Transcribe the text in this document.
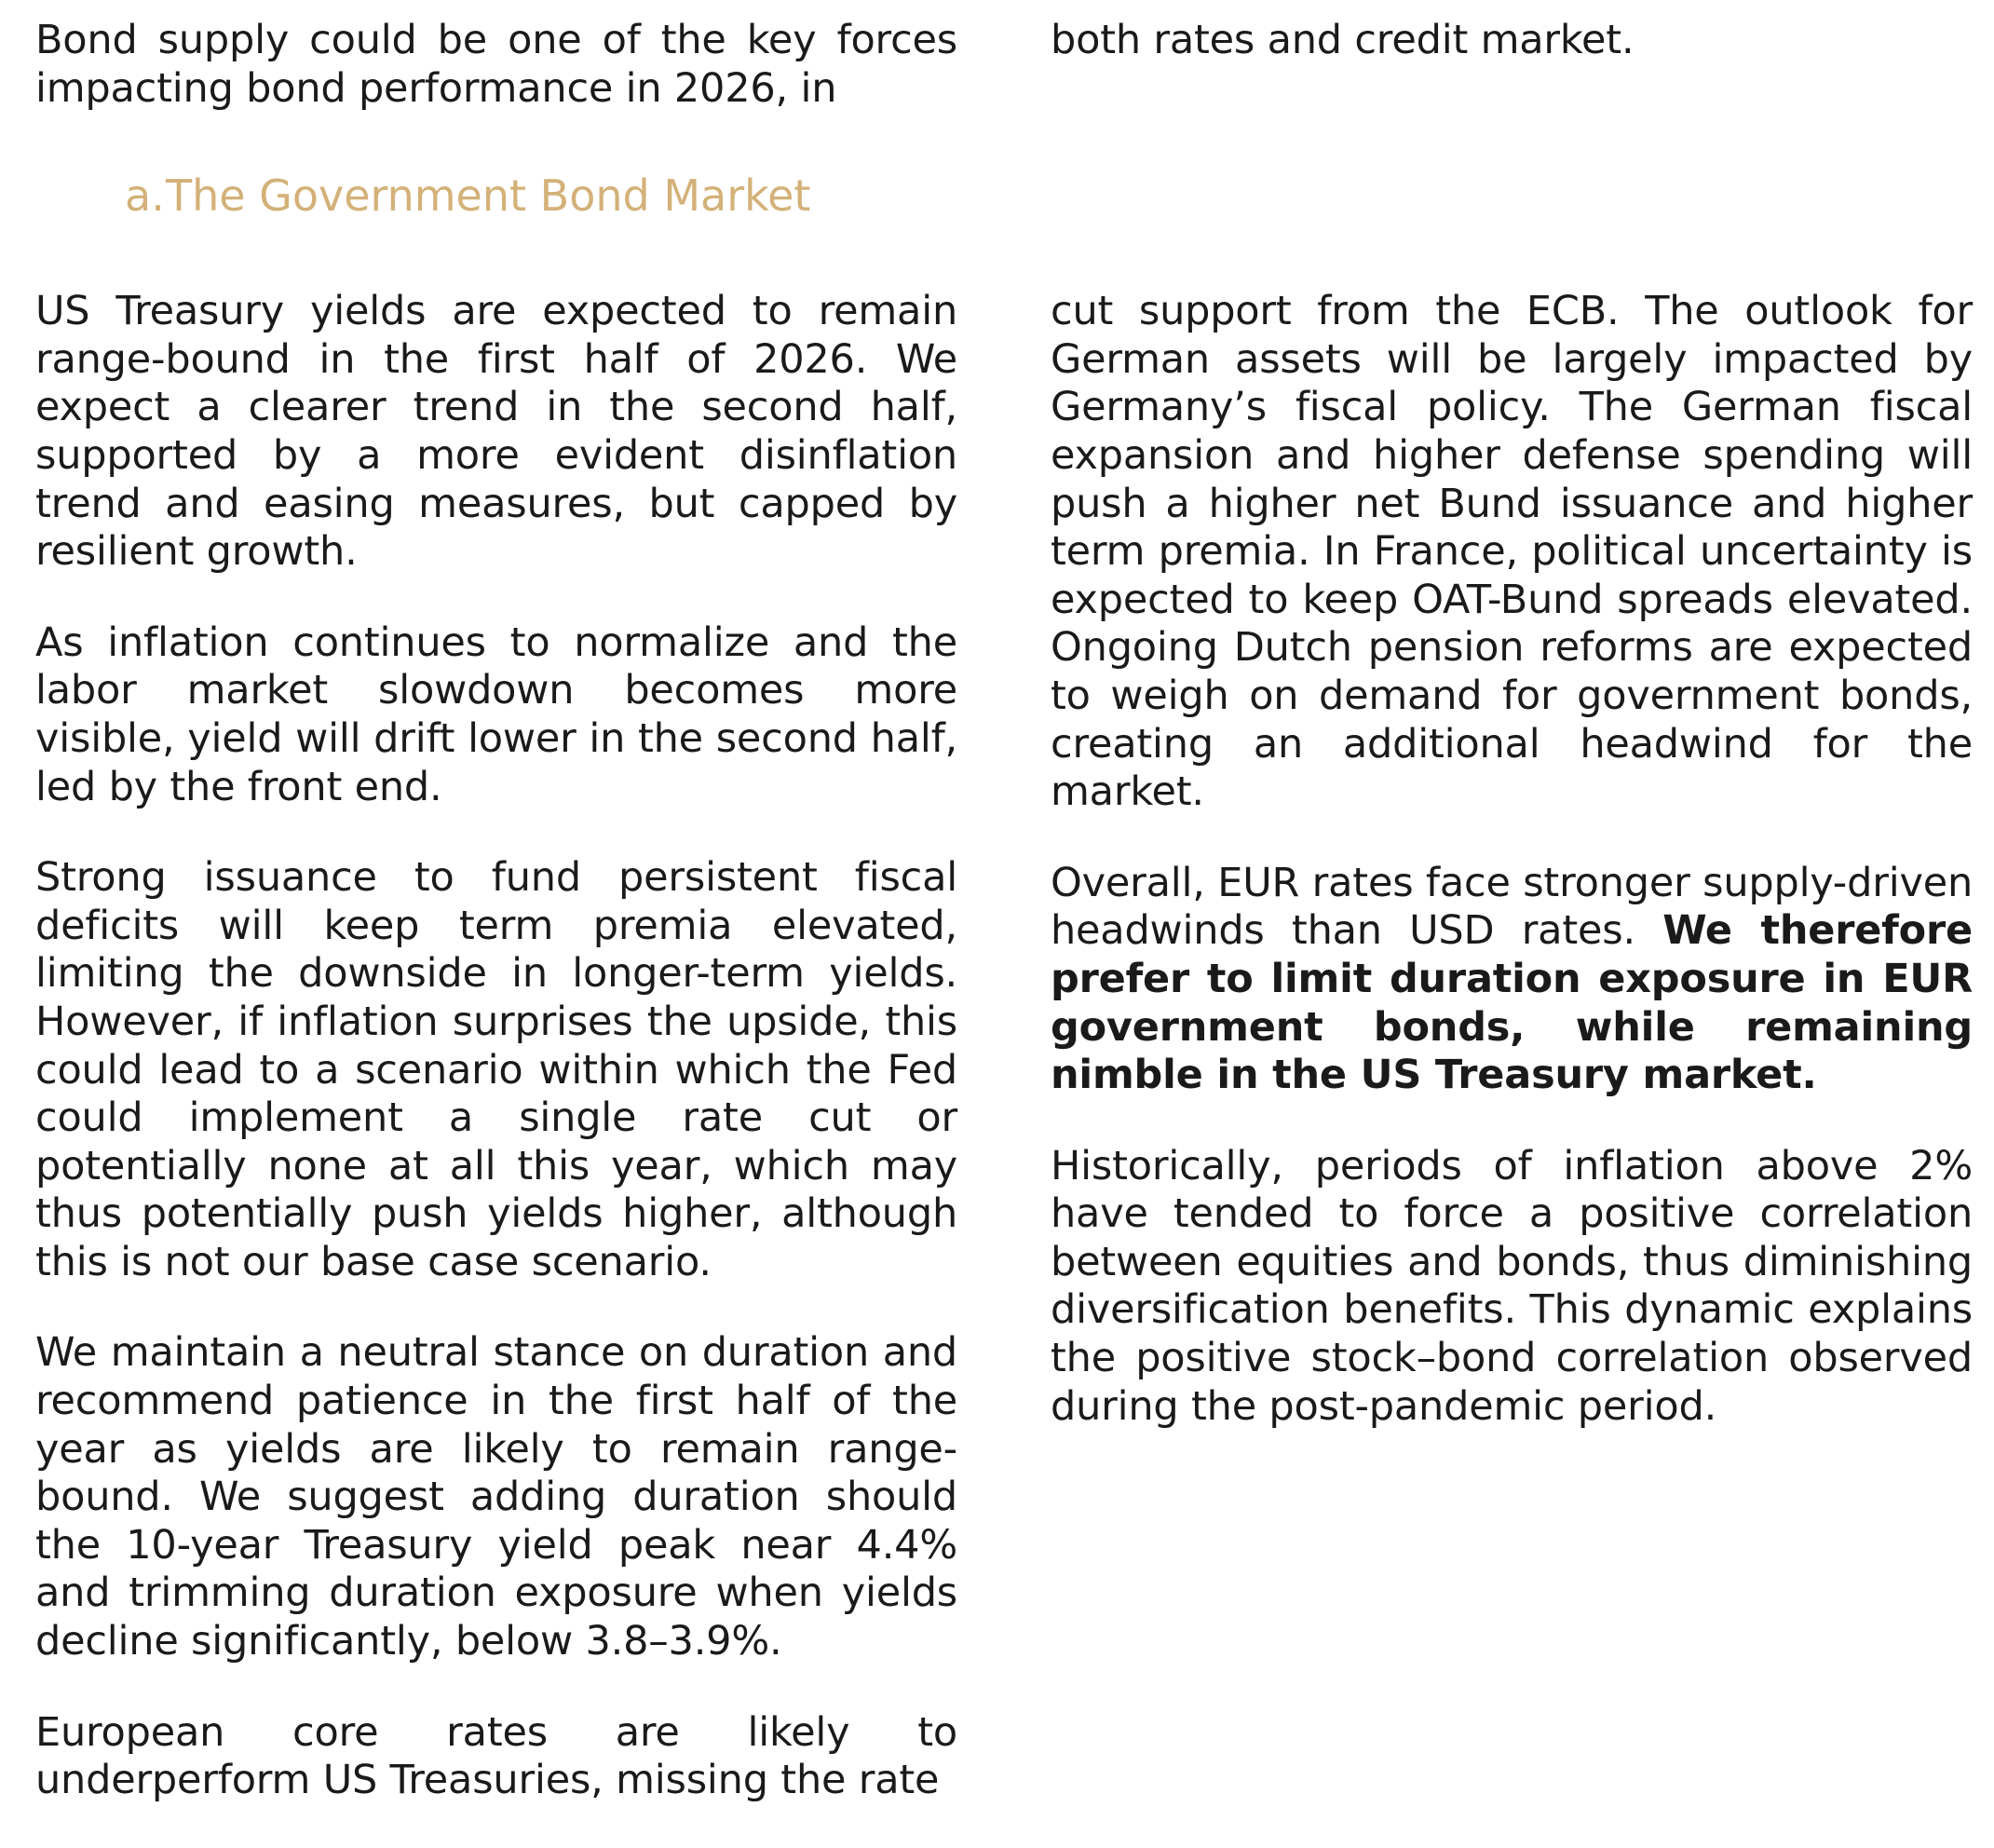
Bond supply could be one of the key forces impacting bond performance in 2026, in

both rates and credit market.

a. The Government Bond Market

US Treasury yields are expected to remain range-bound in the first half of 2026. We expect a clearer trend in the second half, supported by a more evident disinflation trend and easing measures, but capped by resilient growth.

As inflation continues to normalize and the labor market slowdown becomes more visible, yield will drift lower in the second half, led by the front end.

Strong issuance to fund persistent fiscal deficits will keep term premia elevated, limiting the downside in longer-term yields. However, if inflation surprises the upside, this could lead to a scenario within which the Fed could implement a single rate cut or potentially none at all this year, which may thus potentially push yields higher, although this is not our base case scenario.

We maintain a neutral stance on duration and recommend patience in the first half of the year as yields are likely to remain range-bound. We suggest adding duration should the 10-year Treasury yield peak near 4.4% and trimming duration exposure when yields decline significantly, below 3.8–3.9%.

European core rates are likely to underperform US Treasuries, missing the rate

cut support from the ECB. The outlook for German assets will be largely impacted by Germany’s fiscal policy. The German fiscal expansion and higher defense spending will push a higher net Bund issuance and higher term premia. In France, political uncertainty is expected to keep OAT-Bund spreads elevated. Ongoing Dutch pension reforms are expected to weigh on demand for government bonds, creating an additional headwind for the market.

Overall, EUR rates face stronger supply-driven headwinds than USD rates. We therefore prefer to limit duration exposure in EUR government bonds, while remaining nimble in the US Treasury market.

Historically, periods of inflation above 2% have tended to force a positive correlation between equities and bonds, thus diminishing diversification benefits. This dynamic explains the positive stock–bond correlation observed during the post-pandemic period.
